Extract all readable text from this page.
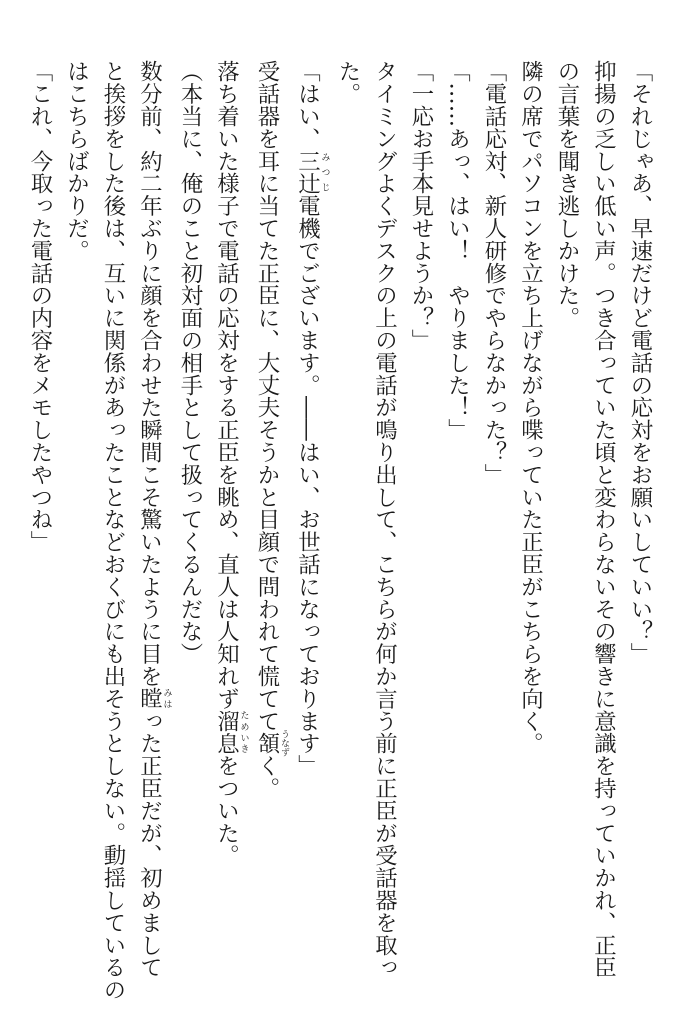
「それじゃあ、早速だけど電話の応対をお願いしていい？」
抑揚の乏しい低い声。つき合っていた頃と変わらないその響きに意識を持っていかれ、正臣
の言葉を聞き逃しかけた。
隣の席でパソコンを立ち上げながら喋っていた正臣がこちらを向く。
「電話応対、新人研修でやらなかった？」
「……あっ、はい！　やりました！」
「一応お手本見せようか？」
タイミングよくデスクの上の電話が鳴り出して、こちらが何か言う前に正臣が受話器を取っ
た。
「はい、三辻 みつじ電機でございます。――はい、お世話になっております」
受話器を耳に当てた正臣に、大丈夫そうかと目顔で問われて慌てて頷 うなずく。
落ち着いた様子で電話の応対をする正臣を眺め、直人は人知れず溜息 ためいきをついた。
（本当に、俺のこと初対面の相手として扱ってくるんだな）
数分前、約二年ぶりに顔を合わせた瞬間こそ驚いたように目を瞠 みはった正臣だが、初めまして
と挨拶をした後は、互いに関係があったことなどおくびにも出そうとしない。動揺しているの
はこちらばかりだ。
「これ、今取った電話の内容をメモしたやつね」
